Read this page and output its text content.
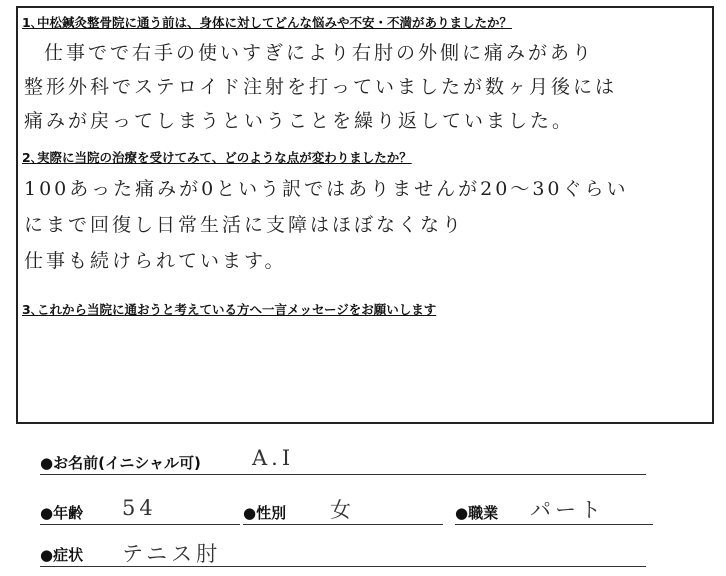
1､中松鍼灸整骨院に通う前は、身体に対してどんな悩みや不安・不満がありましたか？
仕事でで右手の使いすぎにより右肘の外側に痛みがあり
整形外科でステロイド注射を打っていましたが数ヶ月後には
痛みが戻ってしまうということを繰り返していました。
2､実際に当院の治療を受けてみて、どのような点が変わりましたか？
100あった痛みが0という訳ではありませんが20～30ぐらい
にまで回復し日常生活に支障はほぼなくなり
仕事も続けられています。
3､これから当院に通おうと考えている方へ一言メッセージをお願いします
●お名前(イニシャル可) A.I
●年齢 54	●性別 女	●職業 パート
●症状 テニス肘
